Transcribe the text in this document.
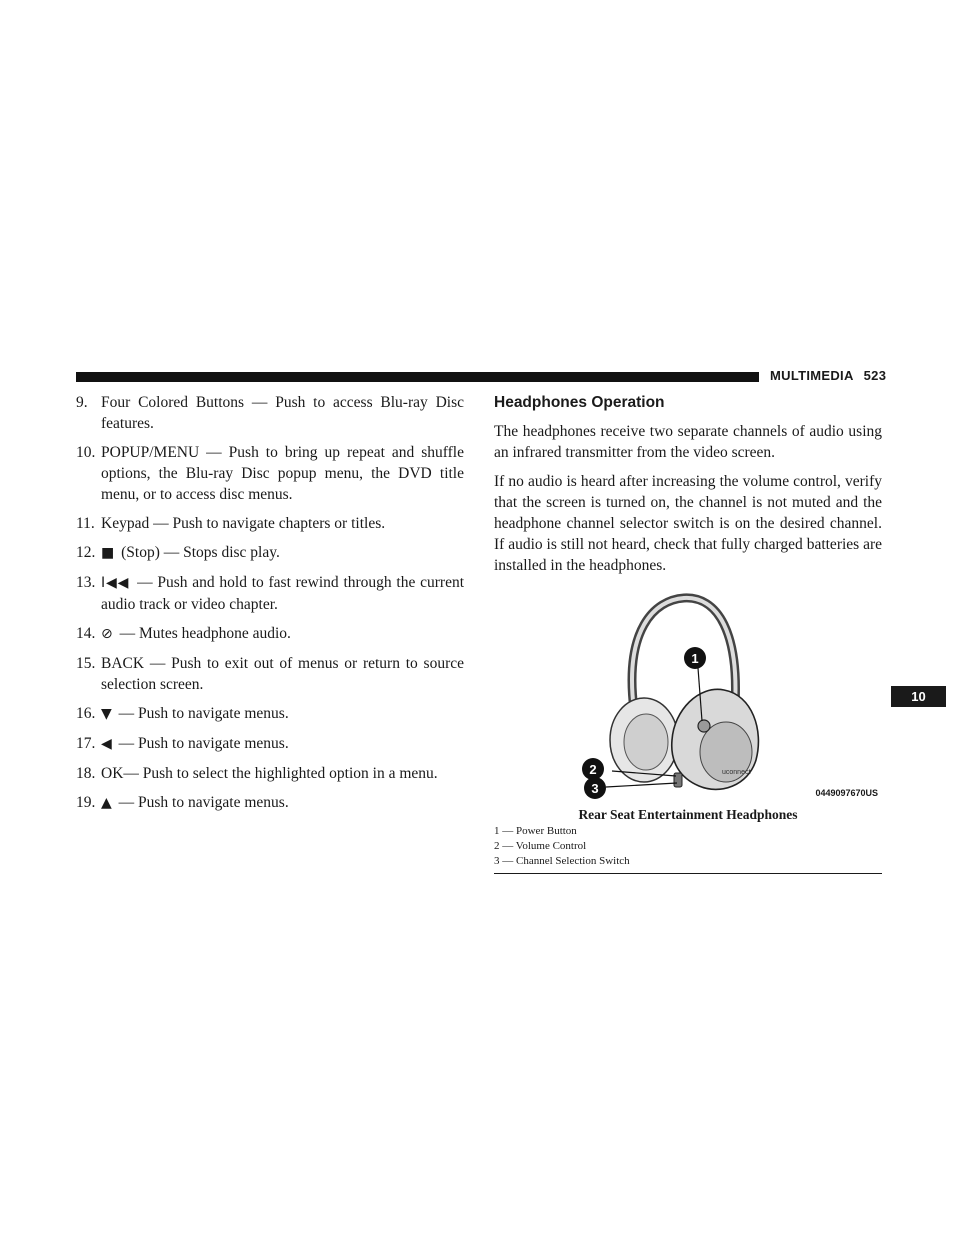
MULTIMEDIA 523
10
9. Four Colored Buttons — Push to access Blu-ray Disc features.
10. POPUP/MENU — Push to bring up repeat and shuffle options, the Blu-ray Disc popup menu, the DVD title menu, or to access disc menus.
11. Keypad — Push to navigate chapters or titles.
12. ■ (Stop) — Stops disc play.
13. I◀◀ — Push and hold to fast rewind through the current audio track or video chapter.
14. ⊘ — Mutes headphone audio.
15. BACK — Push to exit out of menus or return to source selection screen.
16. ▼ — Push to navigate menus.
17. ◀ — Push to navigate menus.
18. OK— Push to select the highlighted option in a menu.
19. ▲ — Push to navigate menus.
Headphones Operation

The headphones receive two separate channels of audio using an infrared transmitter from the video screen.

If no audio is heard after increasing the volume control, verify that the screen is turned on, the channel is not muted and the headphone channel selector switch is on the desired channel. If audio is still not heard, check that fully charged batteries are installed in the headphones.

uconnect
1
2
3	0449097670US
Rear Seat Entertainment Headphones
1 — Power Button
2 — Volume Control
3 — Channel Selection Switch
